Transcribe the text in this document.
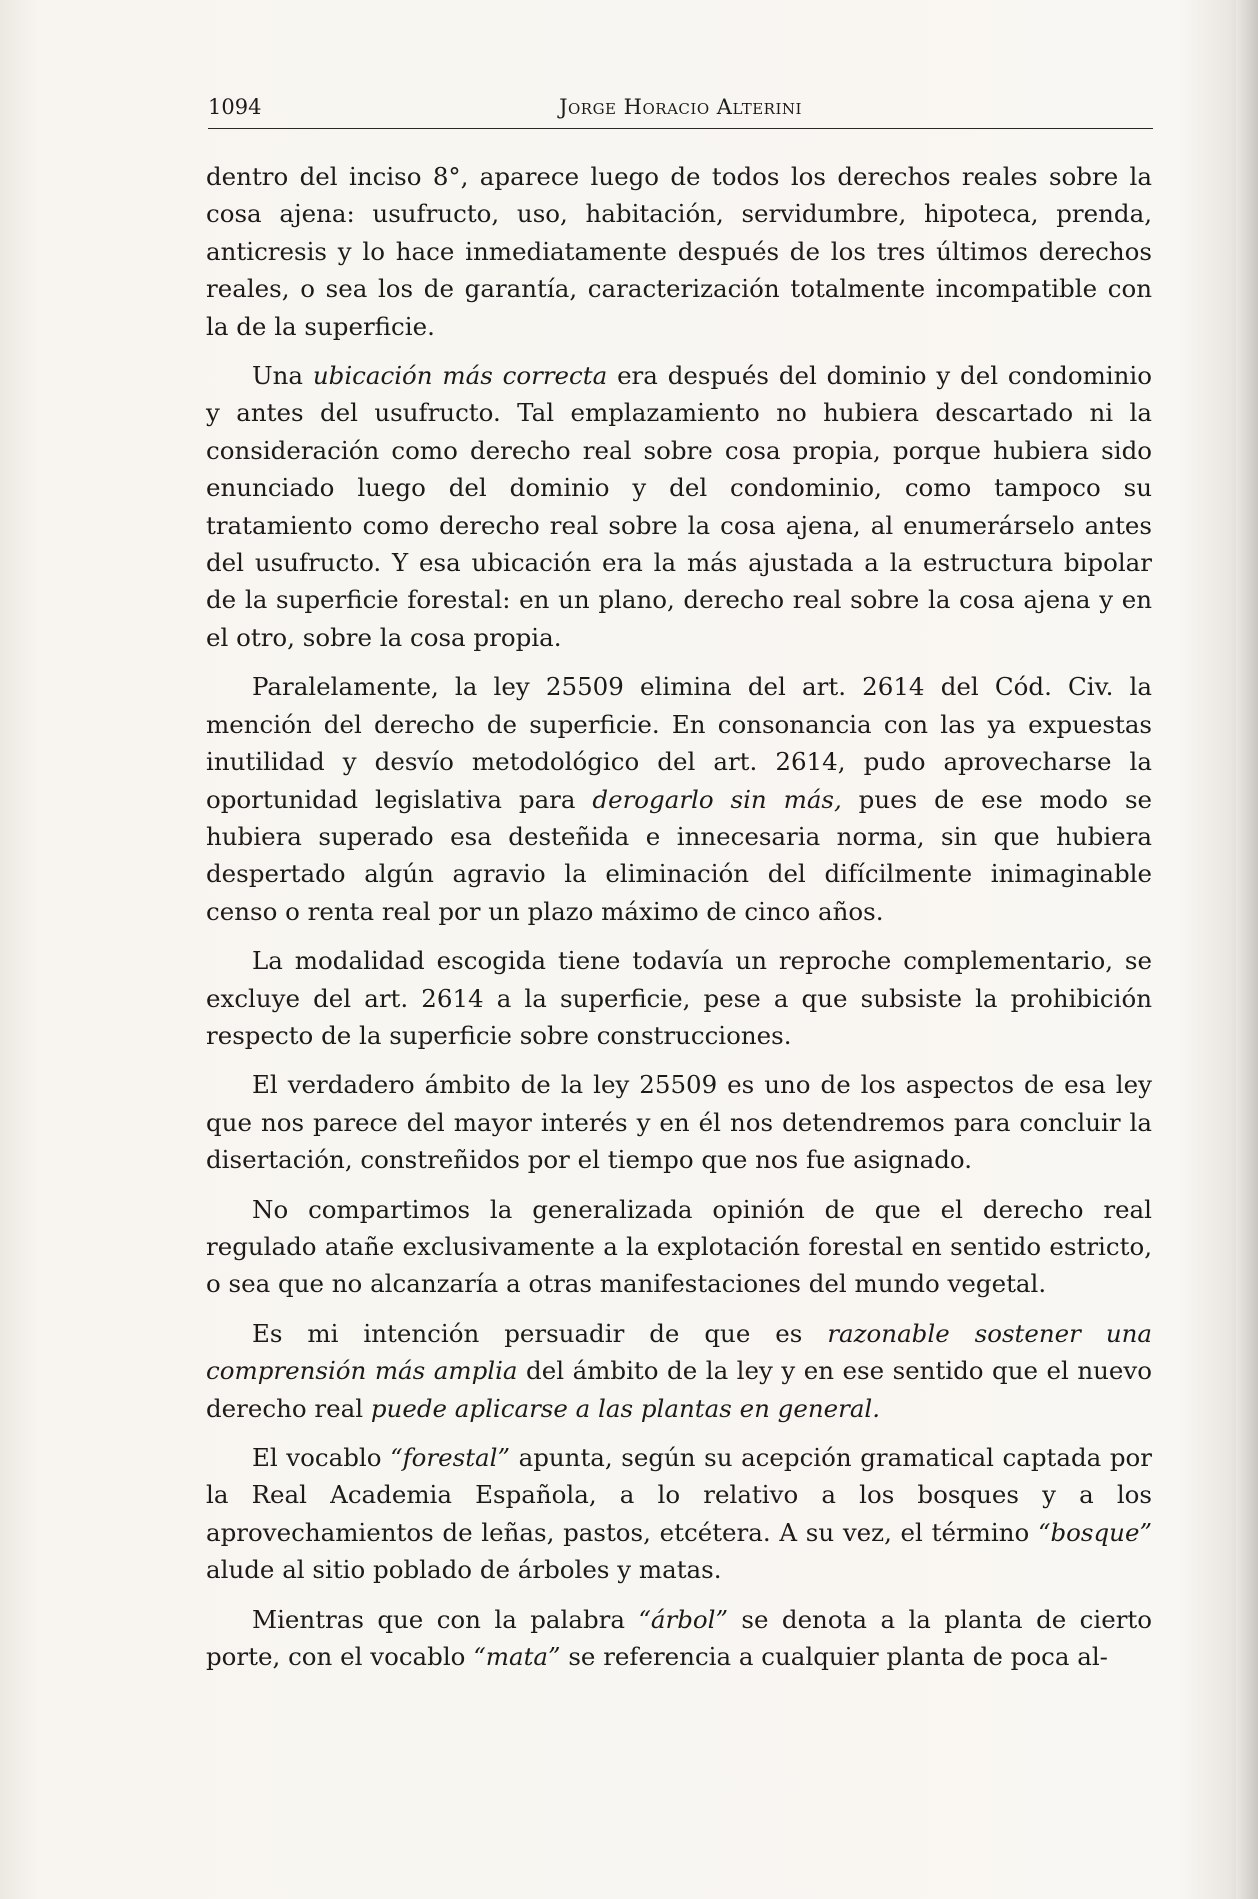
1094	Jorge Horacio Alterini

dentro del inciso 8°, aparece luego de todos los derechos reales sobre la cosa ajena: usufructo, uso, habitación, servidumbre, hipoteca, prenda, anticresis y lo hace inmediatamente después de los tres últimos derechos reales, o sea los de garantía, caracterización totalmente incompatible con la de la superficie.

Una ubicación más correcta era después del dominio y del condominio y antes del usufructo. Tal emplazamiento no hubiera descartado ni la consideración como derecho real sobre cosa propia, porque hubiera sido enunciado luego del dominio y del condominio, como tampoco su tratamiento como derecho real sobre la cosa ajena, al enumerárselo antes del usufructo. Y esa ubicación era la más ajustada a la estructura bipolar de la superficie forestal: en un plano, derecho real sobre la cosa ajena y en el otro, sobre la cosa propia.

Paralelamente, la ley 25509 elimina del art. 2614 del Cód. Civ. la mención del derecho de superficie. En consonancia con las ya expuestas inutilidad y desvío metodológico del art. 2614, pudo aprovecharse la oportunidad legislativa para derogarlo sin más, pues de ese modo se hubiera superado esa desteñida e innecesaria norma, sin que hubiera despertado algún agravio la eliminación del difícilmente inimaginable censo o renta real por un plazo máximo de cinco años.

La modalidad escogida tiene todavía un reproche complementario, se excluye del art. 2614 a la superficie, pese a que subsiste la prohibición respecto de la superficie sobre construcciones.

El verdadero ámbito de la ley 25509 es uno de los aspectos de esa ley que nos parece del mayor interés y en él nos detendremos para concluir la disertación, constreñidos por el tiempo que nos fue asignado.

No compartimos la generalizada opinión de que el derecho real regulado atañe exclusivamente a la explotación forestal en sentido estricto, o sea que no alcanzaría a otras manifestaciones del mundo vegetal.

Es mi intención persuadir de que es razonable sostener una comprensión más amplia del ámbito de la ley y en ese sentido que el nuevo derecho real puede aplicarse a las plantas en general.

El vocablo “forestal” apunta, según su acepción gramatical captada por la Real Academia Española, a lo relativo a los bosques y a los aprovechamientos de leñas, pastos, etcétera. A su vez, el término “bosque” alude al sitio poblado de árboles y matas.

Mientras que con la palabra “árbol” se denota a la planta de cierto porte, con el vocablo “mata” se referencia a cualquier planta de poca al-
